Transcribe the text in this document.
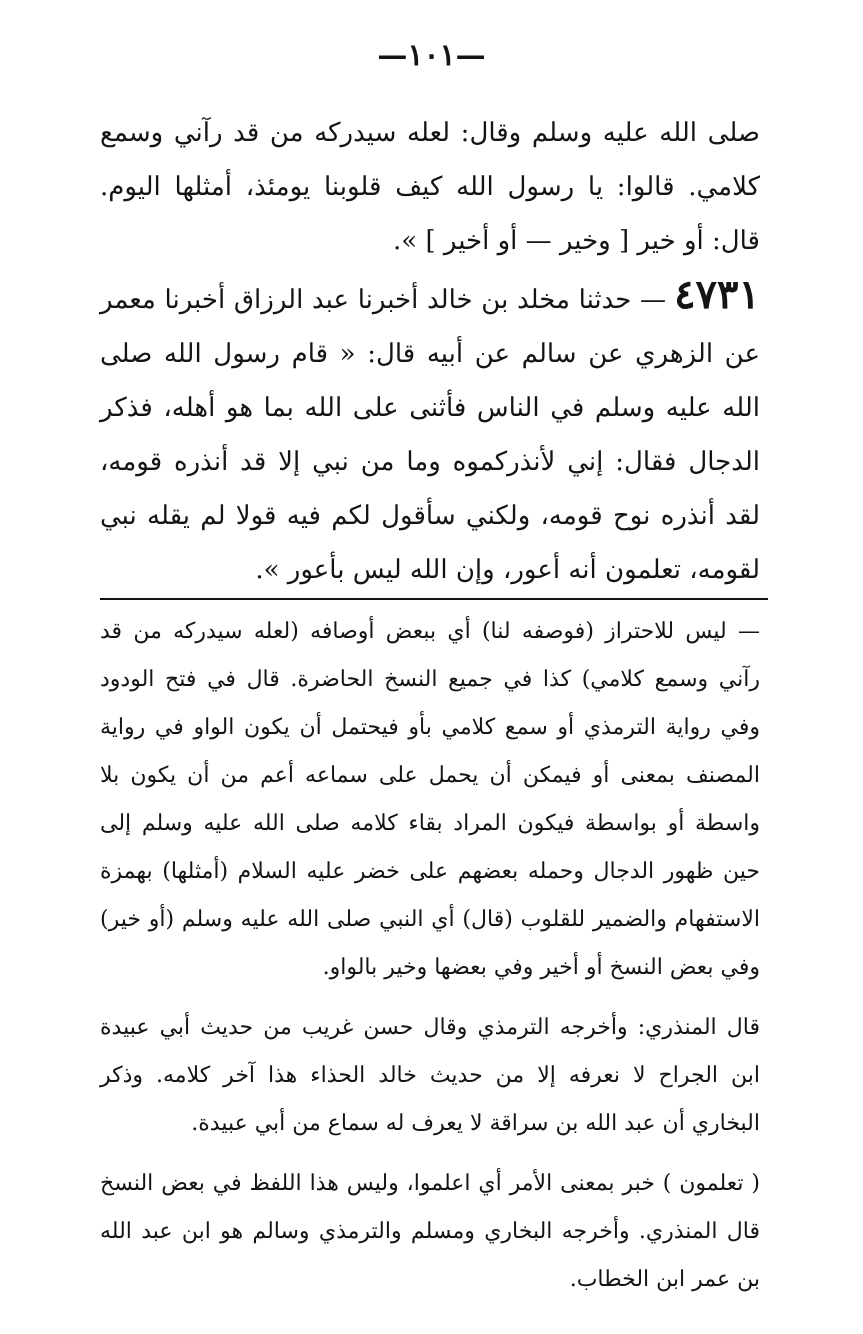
—١٠١—

صلى الله عليه وسلم وقال: لعله سيدركه من قد رآني وسمع كلامي. قالوا: يا رسول الله كيف قلوبنا يومئذ، أمثلها اليوم. قال: أو خير [ وخير — أو أخير ] ».

٤٧٣١— حدثنا مخلد بن خالد أخبرنا عبد الرزاق أخبرنا معمر عن الزهري عن سالم عن أبيه قال: « قام رسول الله صلى الله عليه وسلم في الناس فأثنى على الله بما هو أهله، فذكر الدجال فقال: إني لأنذركموه وما من نبي إلا قد أنذره قومه، لقد أنذره نوح قومه، ولكني سأقول لكم فيه قولا لم يقله نبي لقومه، تعلمون أنه أعور، وإن الله ليس بأعور ».

— ليس للاحتراز (فوصفه لنا) أي ببعض أوصافه (لعله سيدركه من قد رآني وسمع كلامي) كذا في جميع النسخ الحاضرة. قال في فتح الودود وفي رواية الترمذي أو سمع كلامي بأو فيحتمل أن يكون الواو في رواية المصنف بمعنى أو فيمكن أن يحمل على سماعه أعم من أن يكون بلا واسطة أو بواسطة فيكون المراد بقاء كلامه صلى الله عليه وسلم إلى حين ظهور الدجال وحمله بعضهم على خضر عليه السلام (أمثلها) بهمزة الاستفهام والضمير للقلوب (قال) أي النبي صلى الله عليه وسلم (أو خير) وفي بعض النسخ أو أخير وفي بعضها وخير بالواو.

قال المنذري: وأخرجه الترمذي وقال حسن غريب من حديث أبي عبيدة ابن الجراح لا نعرفه إلا من حديث خالد الحذاء هذا آخر كلامه. وذكر البخاري أن عبد الله بن سراقة لا يعرف له سماع من أبي عبيدة.

( تعلمون ) خبر بمعنى الأمر أي اعلموا، وليس هذا اللفظ في بعض النسخ قال المنذري. وأخرجه البخاري ومسلم والترمذي وسالم هو ابن عبد الله بن عمر ابن الخطاب.
